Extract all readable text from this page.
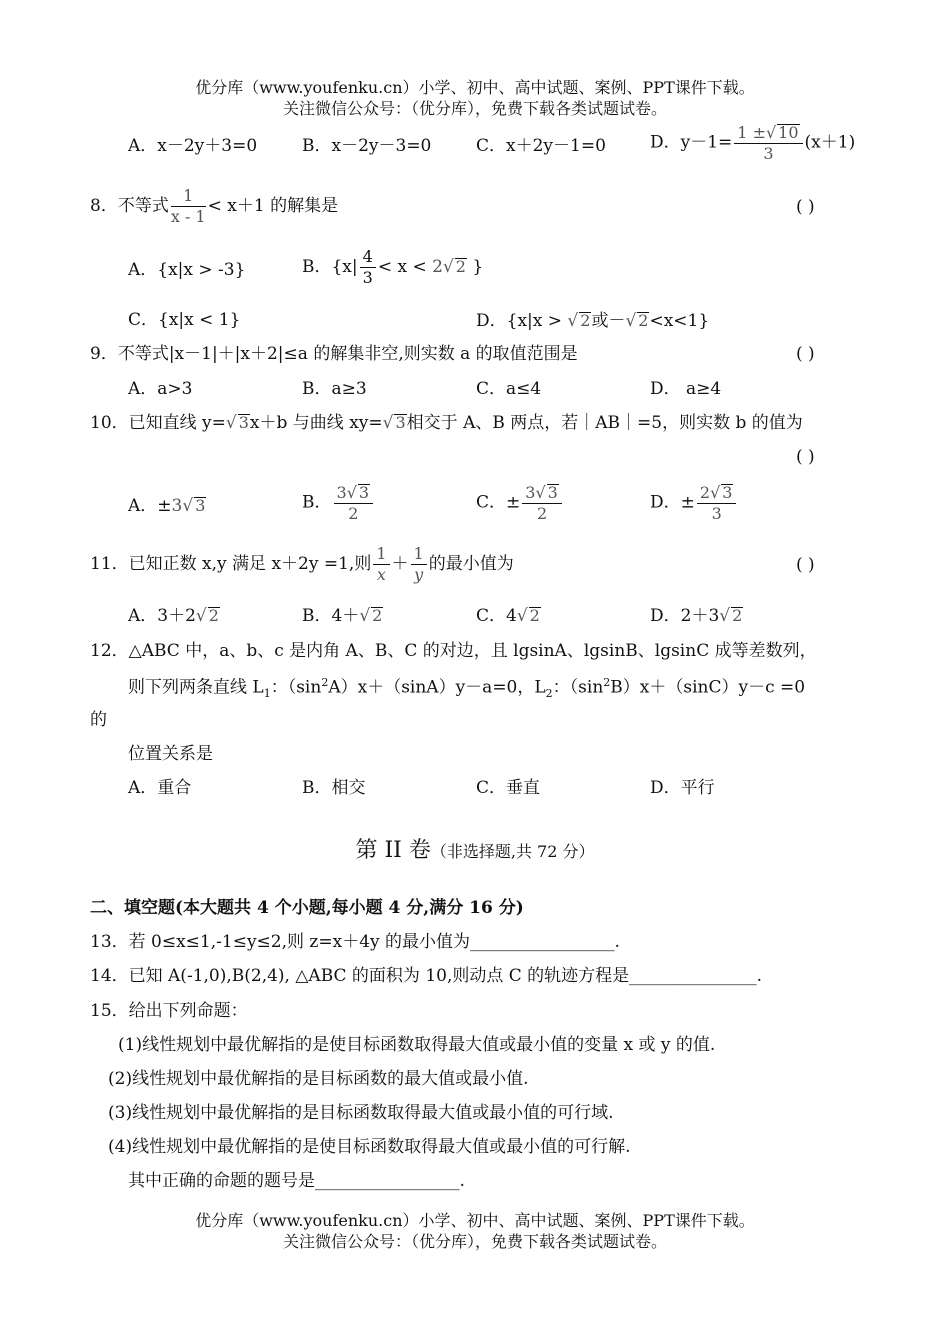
优分库（www.youfenku.cn）小学、初中、高中试题、案例、PPT课件下载。
关注微信公众号：（优分库），免费下载各类试题试卷。
A．x－2y＋3=0	B．x－2y－3=0	C．x＋2y－1=0	D．$y-1= \frac{1 \pm√ 10}{3} (x+1)$
8．不等式 $\frac{1}{x - 1} < x+1$ 的解集是	( )
A．{x|x > -3}	B．{$x| \frac{4}{3} < x < 2√$ 2 }
C．{x|x < 1}	D．{x|x > √ 2或－√ 2<x<1}
9．不等式|x－1|＋|x＋2|≤a 的解集非空,则实数 a 的取值范围是	( )
A．a>3	B．a≥3	C．a≤4	D． a≥4
10．已知直线 y=√ 3x＋b 与曲线 xy=√ 3相交于 A、B 两点，若｜AB｜=5，则实数 b 的值为
( )
A．±3√ 3	B． $\frac{3√ 3}{2}$	C．± $\frac{3√ 3}{2}$	D．± $\frac{2√ 3}{3}$
11．已知正数 x,y 满足 x＋2y =1,则 $\frac{1}{x} + \frac{1}{y}$ 的最小值为	( )
A．3＋2√ 2	B．4＋√ 2	C．4√ 2	D．2＋3√ 2
12．△ABC 中，a、b、c 是内角 A、B、C 的对边，且 lgsinA、lgsinB、lgsinC 成等差数列，
则下列两条直线 $L_1$：$(\sin^2A)x+(\sin A)y-a=0$，$L_2$：$(\sin^2B)x+(\sin C)y-c =0$
的
位置关系是
A．重合	B．相交	C．垂直	D．平行
第 II 卷（非选择题,共 72 分）
二、填空题(本大题共 4 个小题,每小题 4 分,满分 16 分)
13．若 0≤x≤1,-1≤y≤2,则 z=x＋4y 的最小值为_________________.
14．已知 A(-1,0),B(2,4), △ABC 的面积为 10,则动点 C 的轨迹方程是_______________.
15．给出下列命题：
(1)线性规划中最优解指的是使目标函数取得最大值或最小值的变量 x 或 y 的值.
(2)线性规划中最优解指的是目标函数的最大值或最小值.
(3)线性规划中最优解指的是目标函数取得最大值或最小值的可行域.
(4)线性规划中最优解指的是使目标函数取得最大值或最小值的可行解.
其中正确的命题的题号是_________________.
优分库（www.youfenku.cn）小学、初中、高中试题、案例、PPT课件下载。
关注微信公众号：（优分库），免费下载各类试题试卷。
